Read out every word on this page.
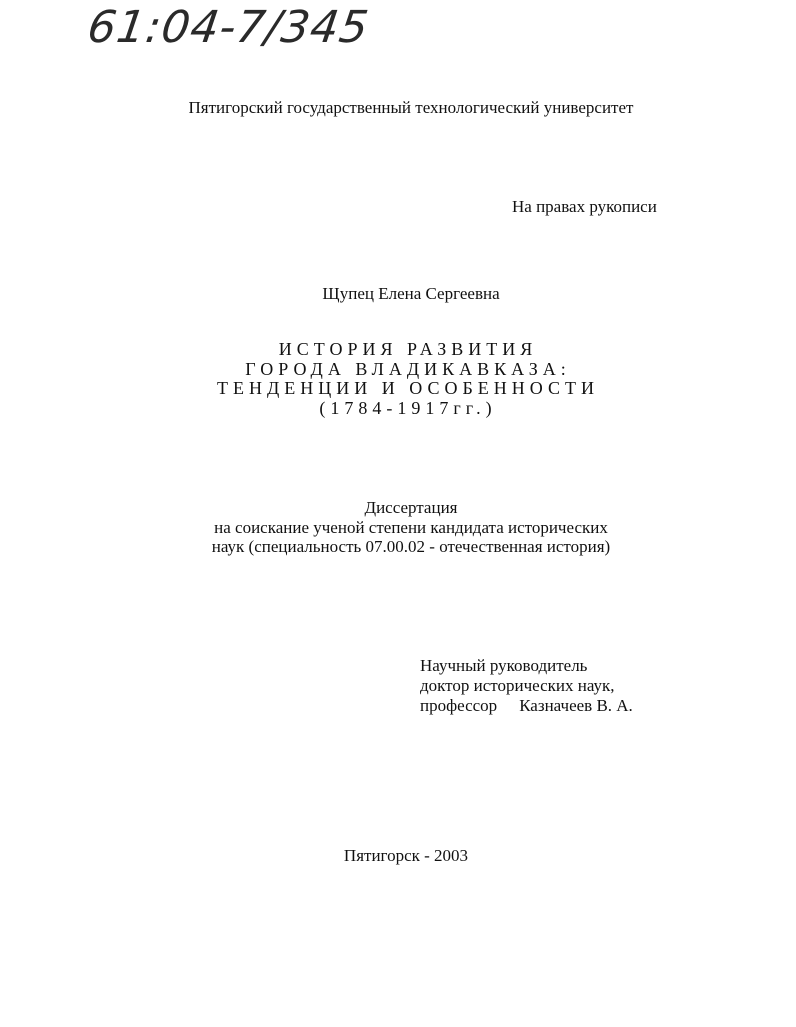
61:04-7/345
Пятигорский государственный технологический университет
На правах рукописи
Щупец Елена Сергеевна
ИСТОРИЯ РАЗВИТИЯ
ГОРОДА ВЛАДИКАВКАЗА:
ТЕНДЕНЦИИ И ОСОБЕННОСТИ
(1784-1917гг.)
Диссертация
на соискание ученой степени кандидата исторических
наук (специальность 07.00.02 - отечественная история)
Научный руководитель
доктор исторических наук,
профессор Казначеев В. А.
Пятигорск - 2003
